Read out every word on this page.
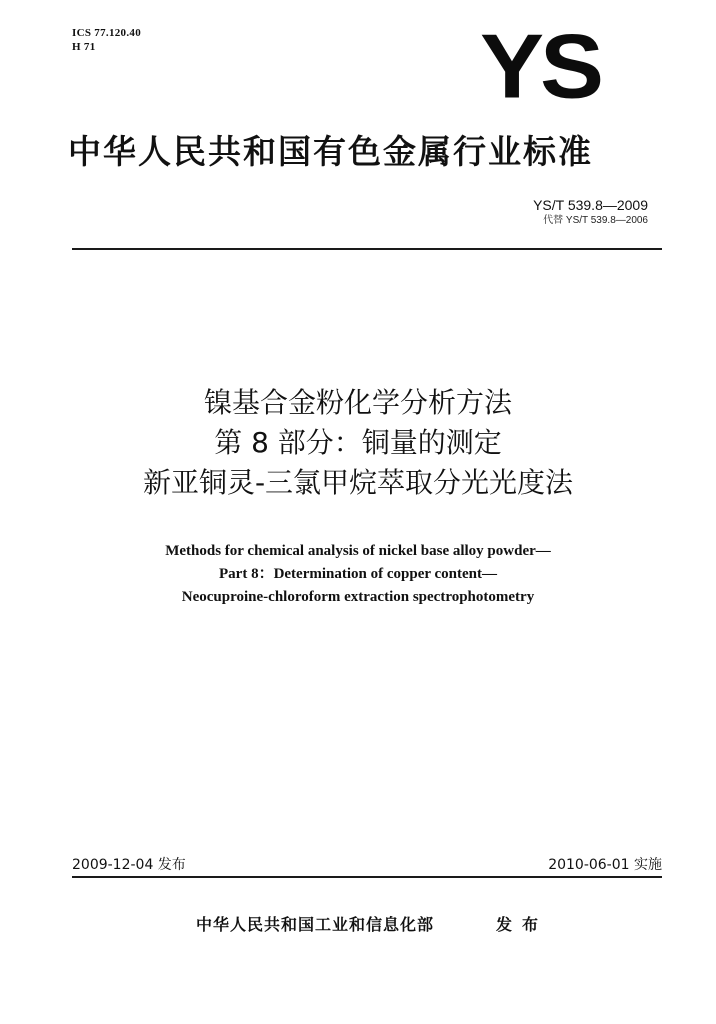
ICS 77.120.40
H 71	YS
中华人民共和国有色金属行业标准
YS/T 539.8—2009
代替 YS/T 539.8—2006
镍基合金粉化学分析方法
第 8 部分：铜量的测定
新亚铜灵-三氯甲烷萃取分光光度法
Methods for chemical analysis of nickel base alloy powder—
Part 8：Determination of copper content—
Neocuproine-chloroform extraction spectrophotometry
2009-12-04 发布	2010-06-01 实施
中华人民共和国工业和信息化部	发布
